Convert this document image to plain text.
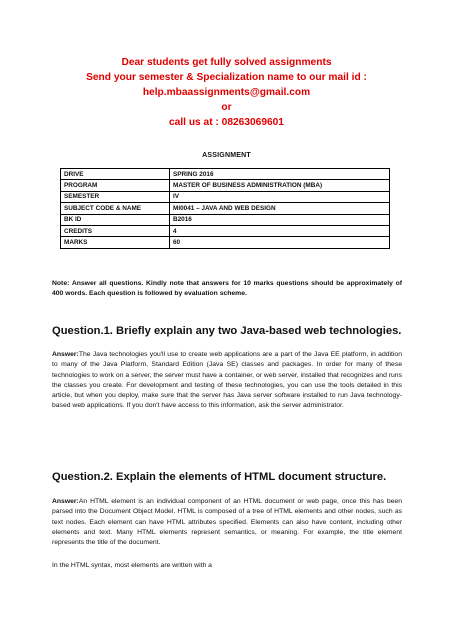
Dear students get fully solved assignments
Send your semester & Specialization name to our mail id :
help.mbaassignments@gmail.com
or
call us at : 08263069601
ASSIGNMENT
DRIVE	SPRING 2016
PROGRAM	MASTER OF BUSINESS ADMINISTRATION (MBA)
SEMESTER	IV
SUBJECT CODE & NAME	MI0041 – JAVA AND WEB DESIGN
BK ID	B2016
CREDITS	4
MARKS	60
Note: Answer all questions. Kindly note that answers for 10 marks questions should be approximately of 400 words. Each question is followed by evaluation scheme.
Question.1. Briefly explain any two Java-based web technologies.
Answer:The Java technologies you'll use to create web applications are a part of the Java EE platform, in addition to many of the Java Platform, Standard Edition (Java SE) classes and packages. In order for many of these technologies to work on a server, the server must have a container, or web server, installed that recognizes and runs the classes you create. For development and testing of these technologies, you can use the tools detailed in this article, but when you deploy, make sure that the server has Java server software installed to run Java technology-based web applications. If you don't have access to this information, ask the server administrator.
Question.2. Explain the elements of HTML document structure.
Answer:An HTML element is an individual component of an HTML document or web page, once this has been parsed into the Document Object Model. HTML is composed of a tree of HTML elements and other nodes, such as text nodes. Each element can have HTML attributes specified. Elements can also have content, including other elements and text. Many HTML elements represent semantics, or meaning. For example, the title element represents the title of the document.
In the HTML syntax, most elements are written with a
